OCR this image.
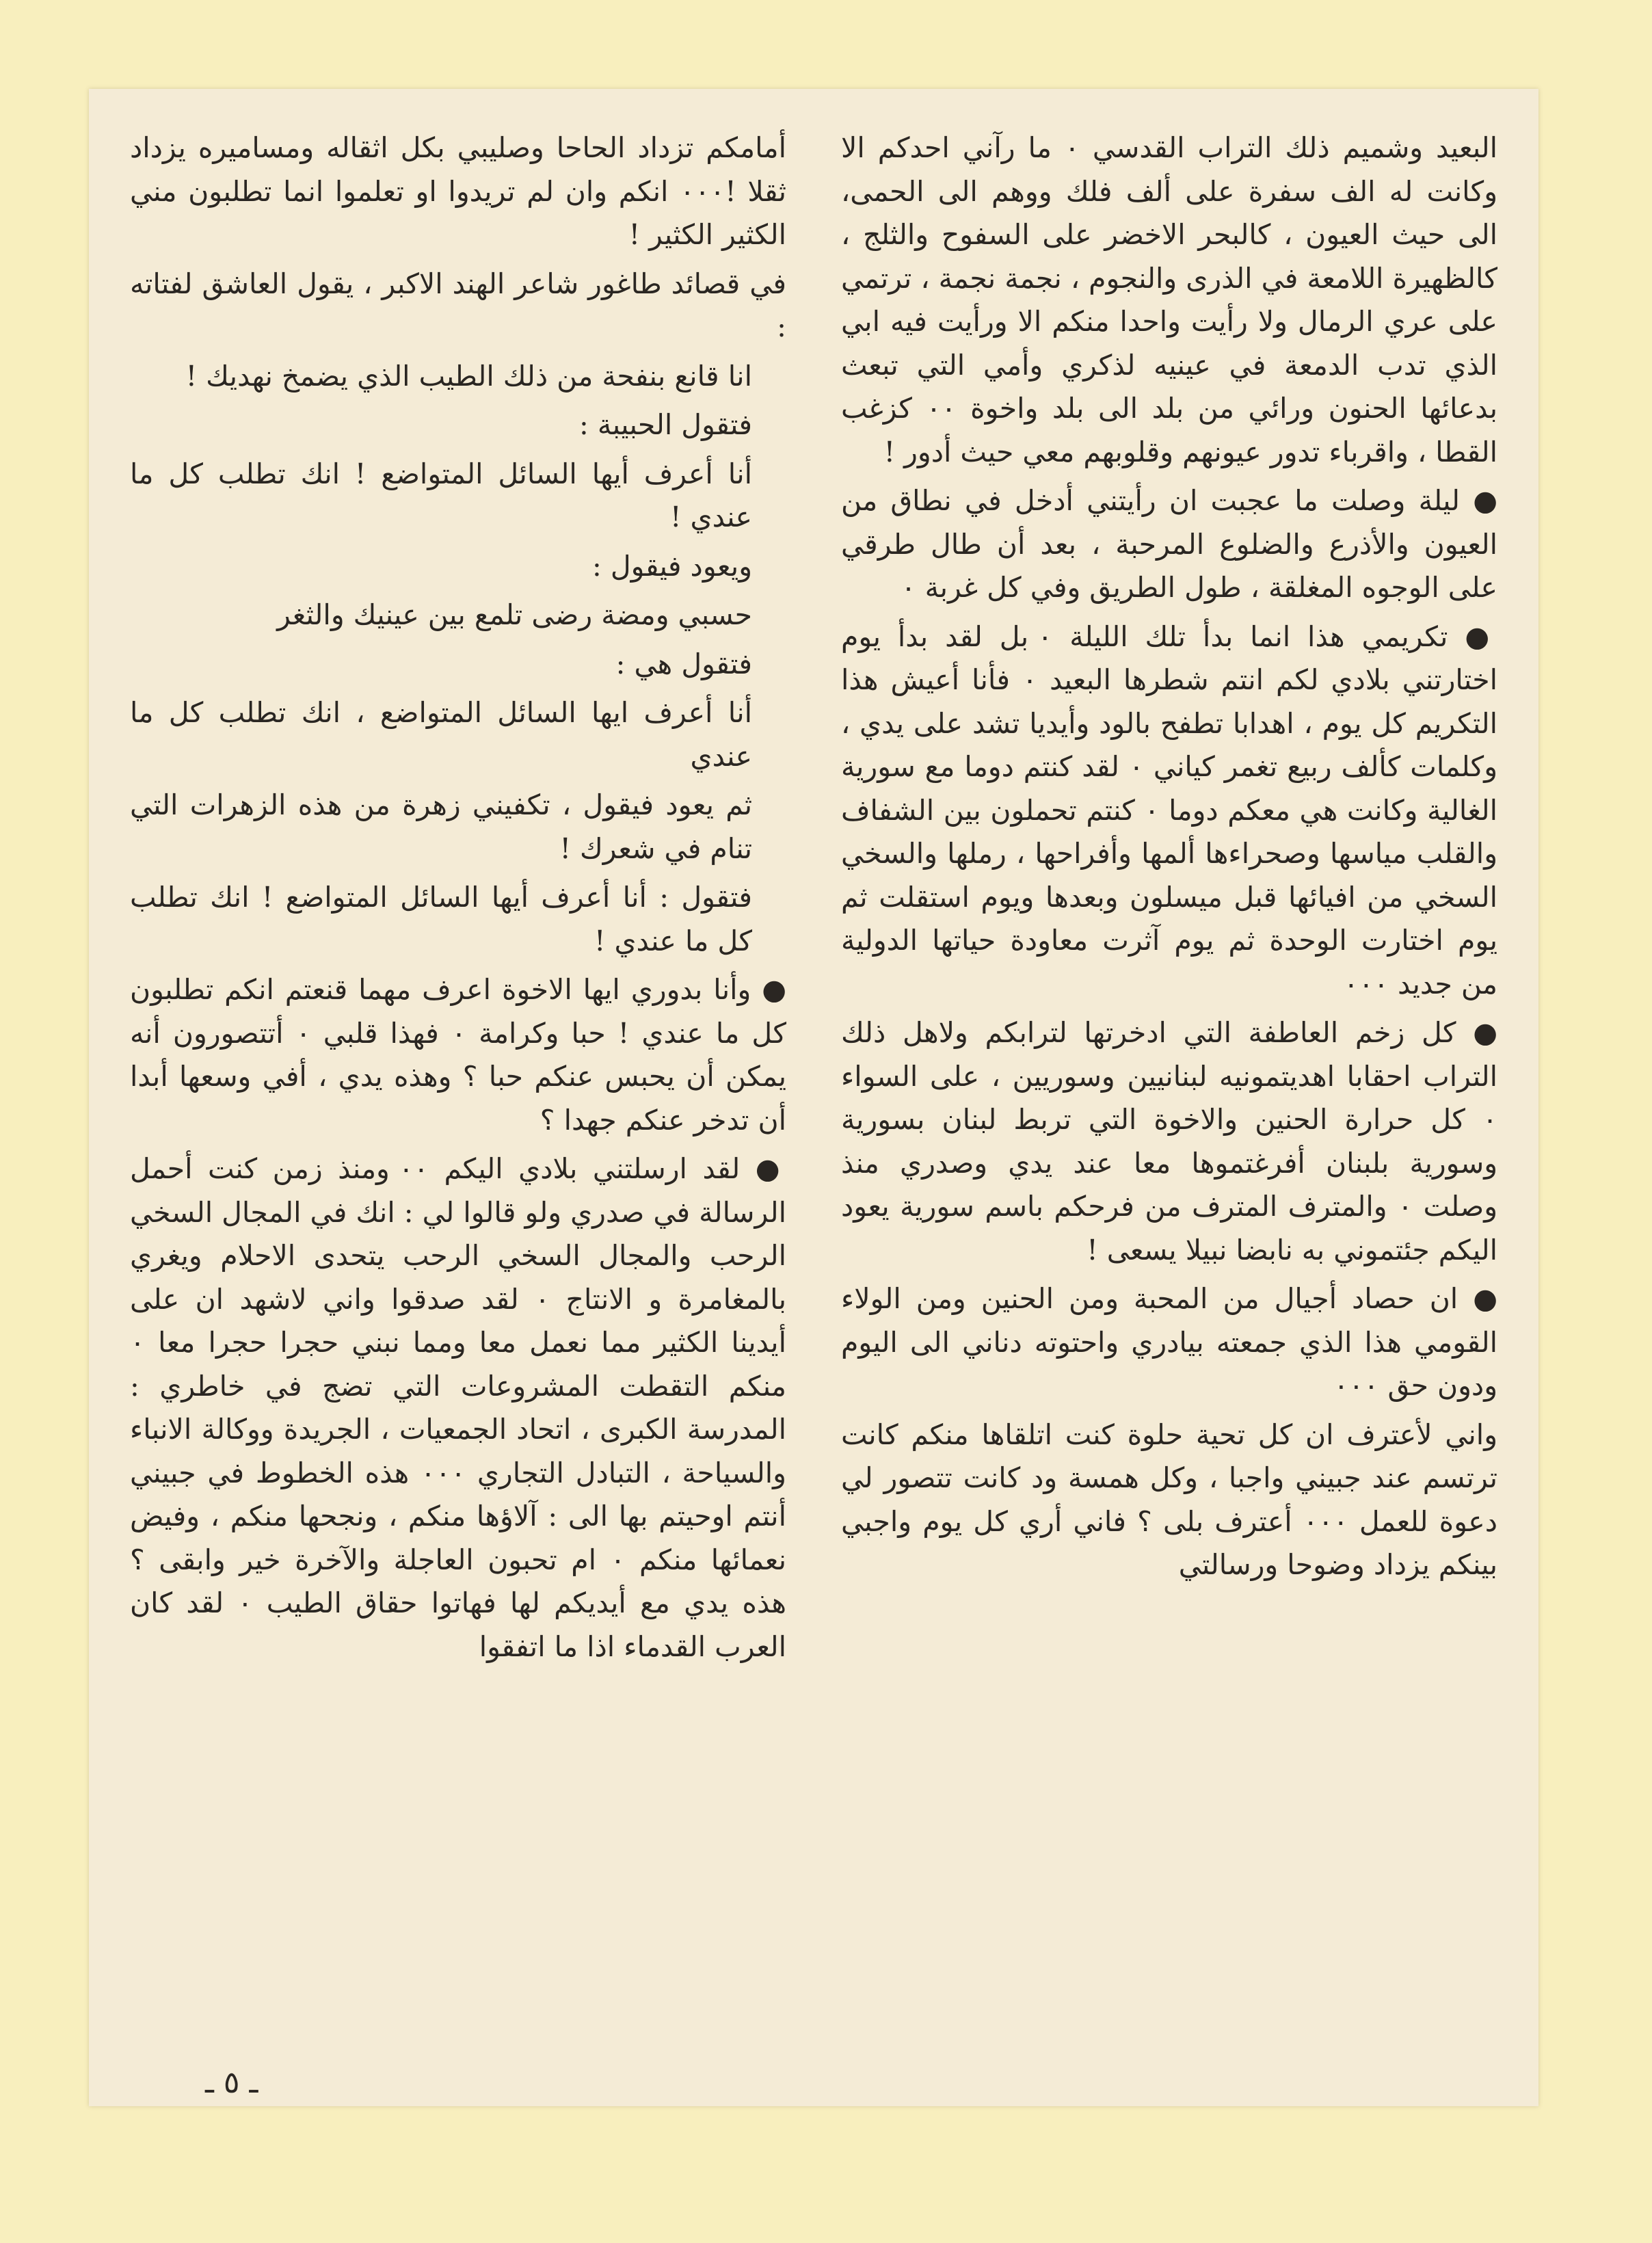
البعيد وشميم ذلك التراب القدسي ٠ ما رآني احدكم الا وكانت له الف سفرة على ألف فلك ووهم الى الحمى، الى حيث العيون ، كالبحر الاخضر على السفوح والثلج ، كالظهيرة اللامعة في الذرى والنجوم ، نجمة نجمة ، ترتمي على عري الرمال ولا رأيت واحدا منكم الا ورأيت فيه ابي الذي تدب الدمعة في عينيه لذكري وأمي التي تبعث بدعائها الحنون ورائي من بلد الى بلد واخوة ٠٠ كزغب القطا ، واقرباء تدور عيونهم وقلوبهم معي حيث أدور !

● ليلة وصلت ما عجبت ان رأيتني أدخل في نطاق من العيون والأذرع والضلوع المرحبة ، بعد أن طال طرقي على الوجوه المغلقة ، طول الطريق وفي كل غربة ٠

● تكريمي هذا انما بدأ تلك الليلة ٠ بل لقد بدأ يوم اختارتني بلادي لكم انتم شطرها البعيد ٠ فأنا أعيش هذا التكريم كل يوم ، اهدابا تطفح بالود وأيديا تشد على يدي ، وكلمات كألف ربيع تغمر كياني ٠ لقد كنتم دوما مع سورية الغالية وكانت هي معكم دوما ٠ كنتم تحملون بين الشفاف والقلب مياسها وصحراءها ألمها وأفراحها ، رملها والسخي السخي من افيائها قبل ميسلون وبعدها ويوم استقلت ثم يوم اختارت الوحدة ثم يوم آثرت معاودة حياتها الدولية من جديد ٠٠٠

● كل زخم العاطفة التي ادخرتها لترابكم ولاهل ذلك التراب احقابا اهديتمونيه لبنانيين وسوريين ، على السواء ٠ كل حرارة الحنين والاخوة التي تربط لبنان بسورية وسورية بلبنان أفرغتموها معا عند يدي وصدري منذ وصلت ٠ والمترف المترف من فرحكم باسم سورية يعود اليكم جئتموني به نابضا نبيلا يسعى !

● ان حصاد أجيال من المحبة ومن الحنين ومن الولاء القومي هذا الذي جمعته بيادري واحتوته دناني الى اليوم ودون حق ٠٠٠

واني لأعترف ان كل تحية حلوة كنت اتلقاها منكم كانت ترتسم عند جبيني واجبا ، وكل همسة ود كانت تتصور لي دعوة للعمل ٠٠٠ أعترف بلى ؟ فاني أري كل يوم واجبي بينكم يزداد وضوحا ورسالتي

أمامكم تزداد الحاحا وصليبي بكل اثقاله ومساميره يزداد ثقلا !٠٠٠ انكم وان لم تريدوا او تعلموا انما تطلبون مني الكثير الكثير !

في قصائد طاغور شاعر الهند الاكبر ، يقول العاشق لفتاته :

انا قانع بنفحة من ذلك الطيب الذي يضمخ نهديك !

فتقول الحبيبة :

أنا أعرف أيها السائل المتواضع ! انك تطلب كل ما عندي !

ويعود فيقول :

حسبي ومضة رضى تلمع بين عينيك والثغر

فتقول هي :

أنا أعرف ايها السائل المتواضع ، انك تطلب كل ما عندي

ثم يعود فيقول ، تكفيني زهرة من هذه الزهرات التي تنام في شعرك !

فتقول : أنا أعرف أيها السائل المتواضع ! انك تطلب كل ما عندي !

● وأنا بدوري ايها الاخوة اعرف مهما قنعتم انكم تطلبون كل ما عندي ! حبا وكرامة ٠ فهذا قلبي ٠ أتتصورون أنه يمكن أن يحبس عنكم حبا ؟ وهذه يدي ، أفي وسعها أبدا أن تدخر عنكم جهدا ؟

● لقد ارسلتني بلادي اليكم ٠٠ ومنذ زمن كنت أحمل الرسالة في صدري ولو قالوا لي : انك في المجال السخي الرحب والمجال السخي الرحب يتحدى الاحلام ويغري بالمغامرة و الانتاج ٠ لقد صدقوا واني لاشهد ان على أيدينا الكثير مما نعمل معا ومما نبني حجرا حجرا معا ٠ منكم التقطت المشروعات التي تضج في خاطري : المدرسة الكبرى ، اتحاد الجمعيات ، الجريدة ووكالة الانباء والسياحة ، التبادل التجاري ٠٠٠ هذه الخطوط في جبيني أنتم اوحيتم بها الى : آلاؤها منكم ، ونجحها منكم ، وفيض نعمائها منكم ٠ ام تحبون العاجلة والآخرة خير وابقى ؟ هذه يدي مع أيديكم لها فهاتوا حقاق الطيب ٠ لقد كان العرب القدماء اذا ما اتفقوا

ـ ٥ ـ
